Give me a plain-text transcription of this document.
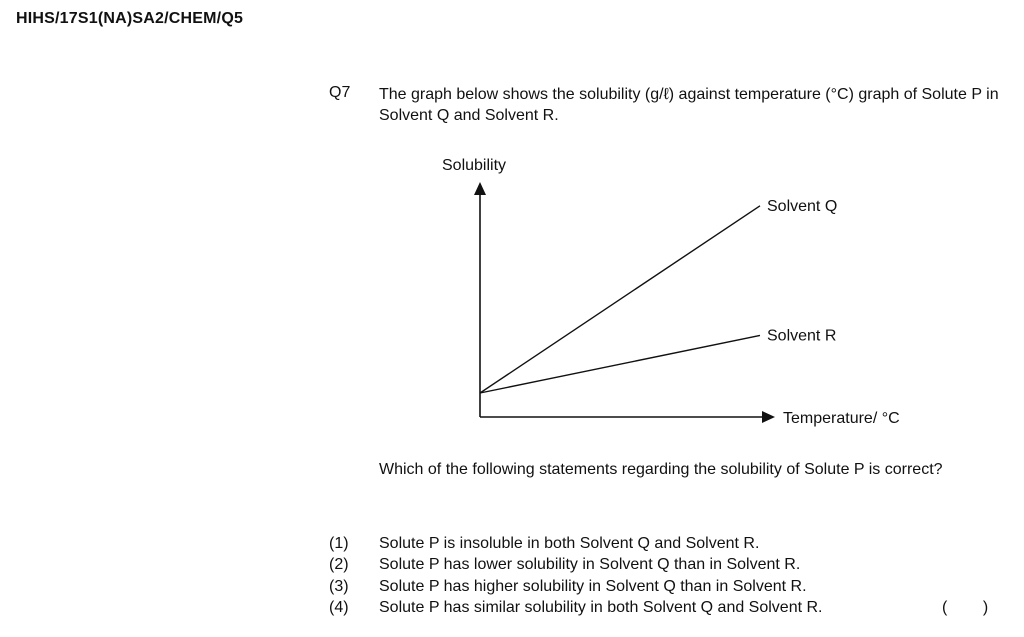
HIHS/17S1(NA)SA2/CHEM/Q5
Q7 The graph below shows the solubility (g/ℓ) against temperature (°C) graph of Solute P in Solvent Q and Solvent R.
Solubility
Temperature/ °C
Solvent Q
Solvent R
Which of the following statements regarding the solubility of Solute P is correct?
(1) Solute P is insoluble in both Solvent Q and Solvent R.
(2) Solute P has lower solubility in Solvent Q than in Solvent R.
(3) Solute P has higher solubility in Solvent Q than in Solvent R.
(4) Solute P has similar solubility in both Solvent Q and Solvent R.	(        )
